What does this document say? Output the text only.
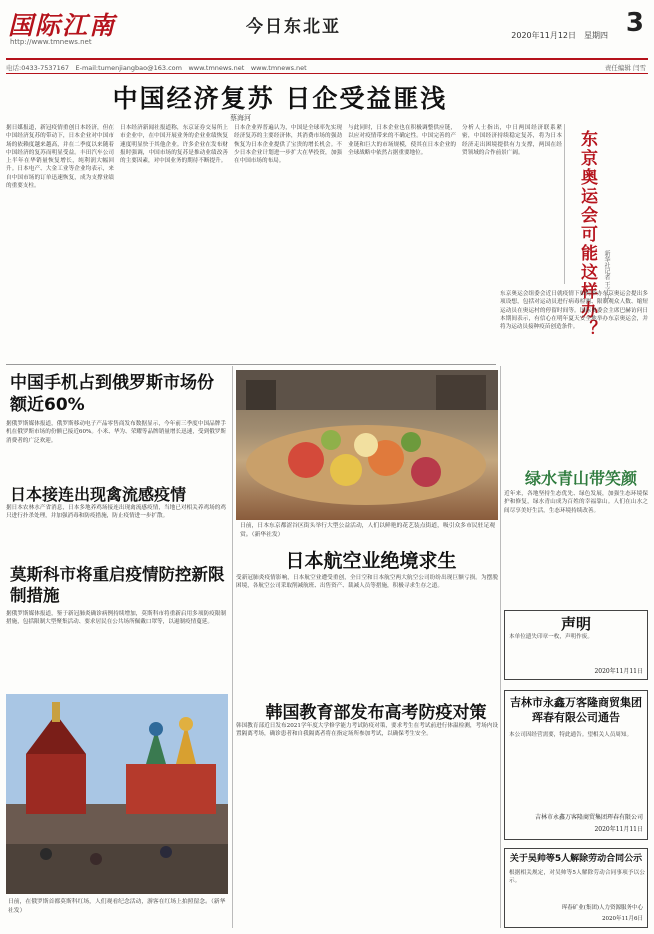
国际江南
http://www.tmnews.net
今日东北亚	2020年11月12日　星期四 3
电话:0433-7537167　E-mail:tumenjiangbao@163.com　www.tmnews.net　www.tmnews.net	责任编辑 闫雪
中国经济复苏 日企受益匪浅
蔡海河
据日媒报道，新冠疫情重创日本经济，但在中国经济复苏的带动下，日本企业对中国市场的依赖度越来越高，并在二季度以来随着中国经济的复苏而明显受益。丰田汽车公司上半年在华销量恢复增长，纯利润大幅回升。日本电产、大金工业等企业均表示，来自中国市场的订单迅速恢复，成为支撑业绩的重要支柱。
日本经济新闻社报道称，东京证券交易所上市企业中，在中国开展业务的企业业绩恢复速度明显快于其他企业。许多企业在发布财报时强调，中国市场的复苏是推动业绩改善的主要因素，对中国业务的期待不断提升。
日本企业界普遍认为，中国是全球率先实现经济复苏的主要经济体，其消费市场的强劲恢复为日本企业提供了宝贵的增长机会。不少日本企业计划进一步扩大在华投资，加强在中国市场的布局。
与此同时，日本企业也在积极调整供应链，以应对疫情带来的不确定性。中国完善的产业链和巨大的市场规模，使其在日本企业的全球战略中依然占据重要地位。
分析人士指出，中日两国经济联系紧密，中国经济持续稳定复苏，将为日本经济走出困境提供有力支撑，两国在经贸领域的合作前景广阔。	东京奥运会可能这样办？	新华社记者 王子江
东京奥运会组委会近日就疫情下如何举办东京奥运会提出多项设想，包括对运动员进行病毒检测、限制观众人数、缩短运动员在奥运村的停留时间等。国际奥委会主席巴赫访问日本期间表示，有信心在明年夏天安全地举办东京奥运会，并将为运动员接种疫苗创造条件。
中国手机占到俄罗斯市场份额近60%
据俄罗斯媒体报道，俄罗斯移动电子产品零售商发布数据显示，今年前三季度中国品牌手机在俄罗斯市场的份额已接近60%。小米、华为、荣耀等品牌销量增长迅速，受到俄罗斯消费者的广泛欢迎。
日本接连出现禽流感疫情
据日本农林水产省消息，日本多地养鸡场接连出现禽流感疫情，当地已对相关养鸡场的鸡只进行扑杀处理，并加强消毒和防疫措施，防止疫情进一步扩散。
莫斯科市将重启疫情防控新限制措施
据俄罗斯媒体报道，鉴于新冠肺炎确诊病例持续增加，莫斯科市将重新启用多项防疫限制措施，包括限制大型聚集活动、要求居民在公共场所佩戴口罩等，以遏制疫情蔓延。
日前，日本东京都涩谷区街头举行大型公益活动，人们以鲜艳的花艺装点街道，吸引众多市民驻足观赏。（新华社发）
日本航空业绝境求生
受新冠肺炎疫情影响，日本航空业遭受重创，全日空和日本航空两大航空公司纷纷出现巨额亏损。为摆脱困境，各航空公司采取削减航班、出售资产、裁减人员等措施，积极寻求生存之道。
韩国教育部发布高考防疫对策
韩国教育部近日发布2021学年度大学修学能力考试防疫对策，要求考生在考试前进行体温检测，考场内设置隔离考场，确诊患者和自我隔离者将在指定场所参加考试，以确保考生安全。
日前，在俄罗斯首都莫斯科红场，人们观看纪念活动，游客在红场上拍照留念。（新华社发）
绿水青山带笑颜
近年来，各地坚持生态优先、绿色发展，加强生态环境保护和修复，绿水青山成为百姓的幸福靠山。人们在山水之间尽享美好生活，生态环境持续改善。
声明
本单位遗失印章一枚，声明作废。
2020年11月11日
吉林市永鑫万客隆商贸集团珲春有限公司通告
本公司因经营需要，特此通告。望相关人员周知。
吉林市永鑫万客隆商贸集团珲春有限公司
2020年11月11日
关于吴帅等5人解除劳动合同公示
根据相关规定，对吴帅等5人解除劳动合同事项予以公示。
珲春矿业(集团)人力资源服务中心
2020年11月6日
